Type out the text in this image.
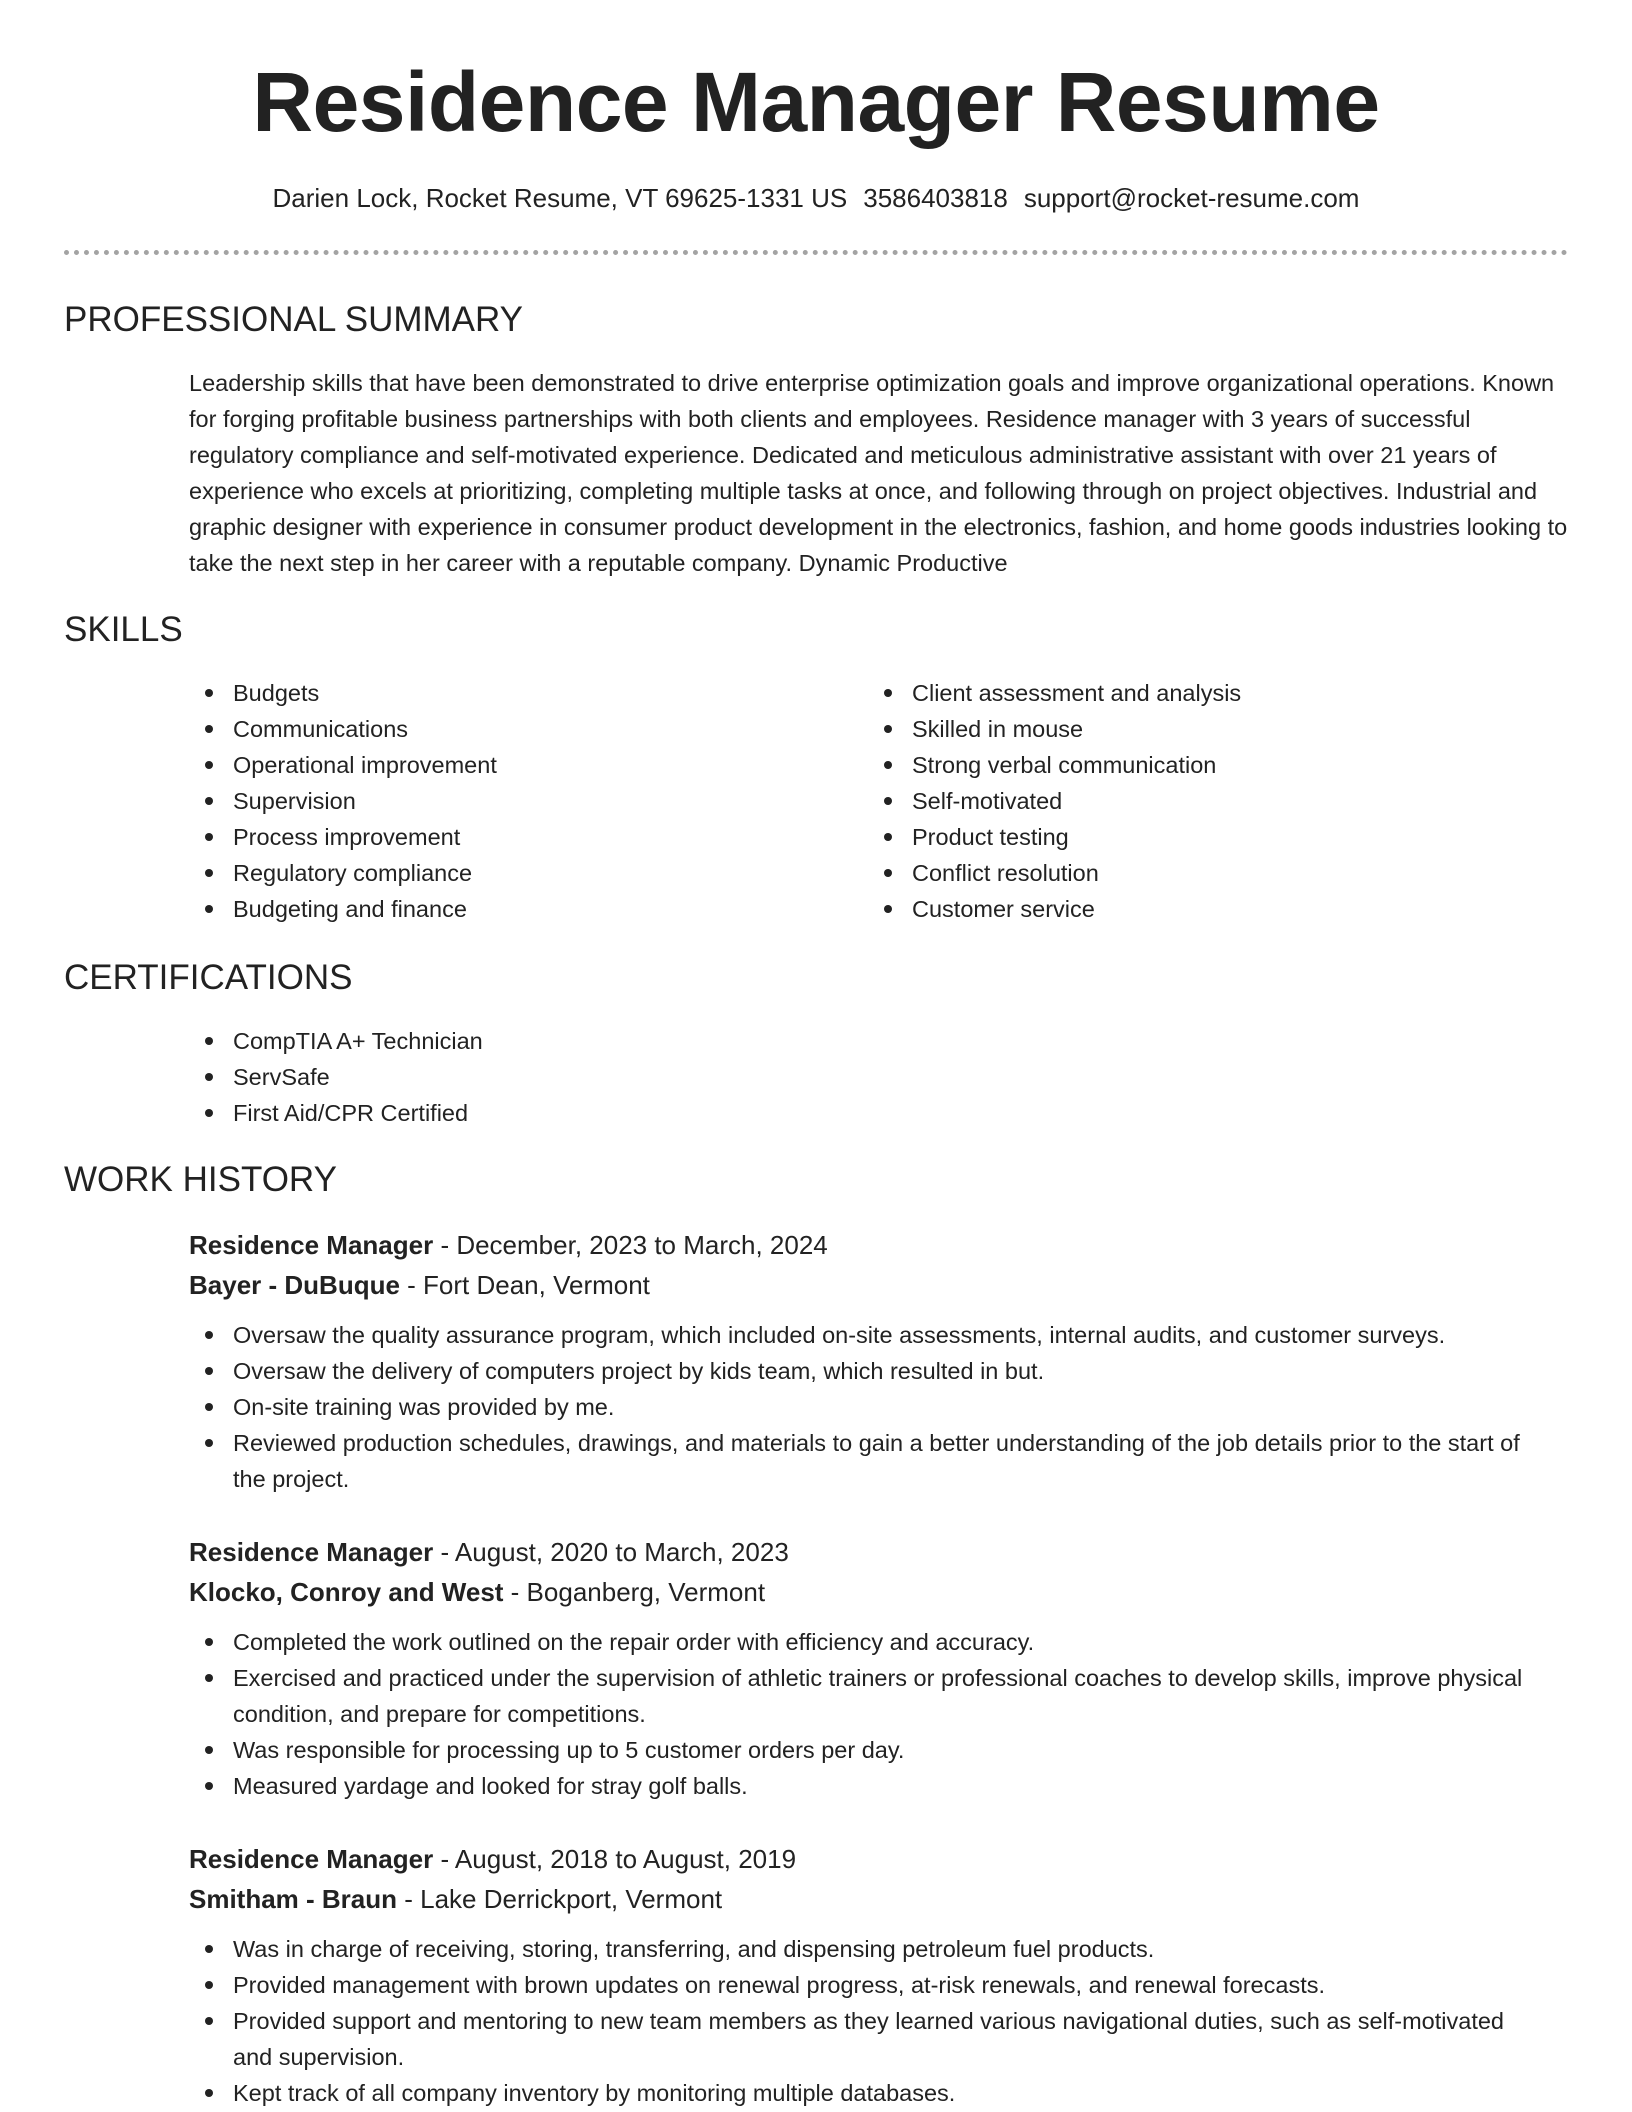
Residence Manager Resume
Darien Lock, Rocket Resume, VT 69625-1331 US 3586403818 support@rocket-resume.com
PROFESSIONAL SUMMARY

Leadership skills that have been demonstrated to drive enterprise optimization goals and improve organizational operations. Known for forging profitable business partnerships with both clients and employees. Residence manager with 3 years of successful regulatory compliance and self-motivated experience. Dedicated and meticulous administrative assistant with over 21 years of experience who excels at prioritizing, completing multiple tasks at once, and following through on project objectives. Industrial and graphic designer with experience in consumer product development in the electronics, fashion, and home goods industries looking to take the next step in her career with a reputable company. Dynamic Productive

SKILLS
Budgets
Communications
Operational improvement
Supervision
Process improvement
Regulatory compliance
Budgeting and finance
Client assessment and analysis
Skilled in mouse
Strong verbal communication
Self-motivated
Product testing
Conflict resolution
Customer service
CERTIFICATIONS
CompTIA A+ Technician
ServSafe
First Aid/CPR Certified
WORK HISTORY
Residence Manager - December, 2023 to March, 2024
Bayer - DuBuque - Fort Dean, Vermont
Oversaw the quality assurance program, which included on-site assessments, internal audits, and customer surveys.
Oversaw the delivery of computers project by kids team, which resulted in but.
On-site training was provided by me.
Reviewed production schedules, drawings, and materials to gain a better understanding of the job details prior to the start of the project.
Residence Manager - August, 2020 to March, 2023
Klocko, Conroy and West - Boganberg, Vermont
Completed the work outlined on the repair order with efficiency and accuracy.
Exercised and practiced under the supervision of athletic trainers or professional coaches to develop skills, improve physical condition, and prepare for competitions.
Was responsible for processing up to 5 customer orders per day.
Measured yardage and looked for stray golf balls.
Residence Manager - August, 2018 to August, 2019
Smitham - Braun - Lake Derrickport, Vermont
Was in charge of receiving, storing, transferring, and dispensing petroleum fuel products.
Provided management with brown updates on renewal progress, at-risk renewals, and renewal forecasts.
Provided support and mentoring to new team members as they learned various navigational duties, such as self-motivated and supervision.
Kept track of all company inventory by monitoring multiple databases.
